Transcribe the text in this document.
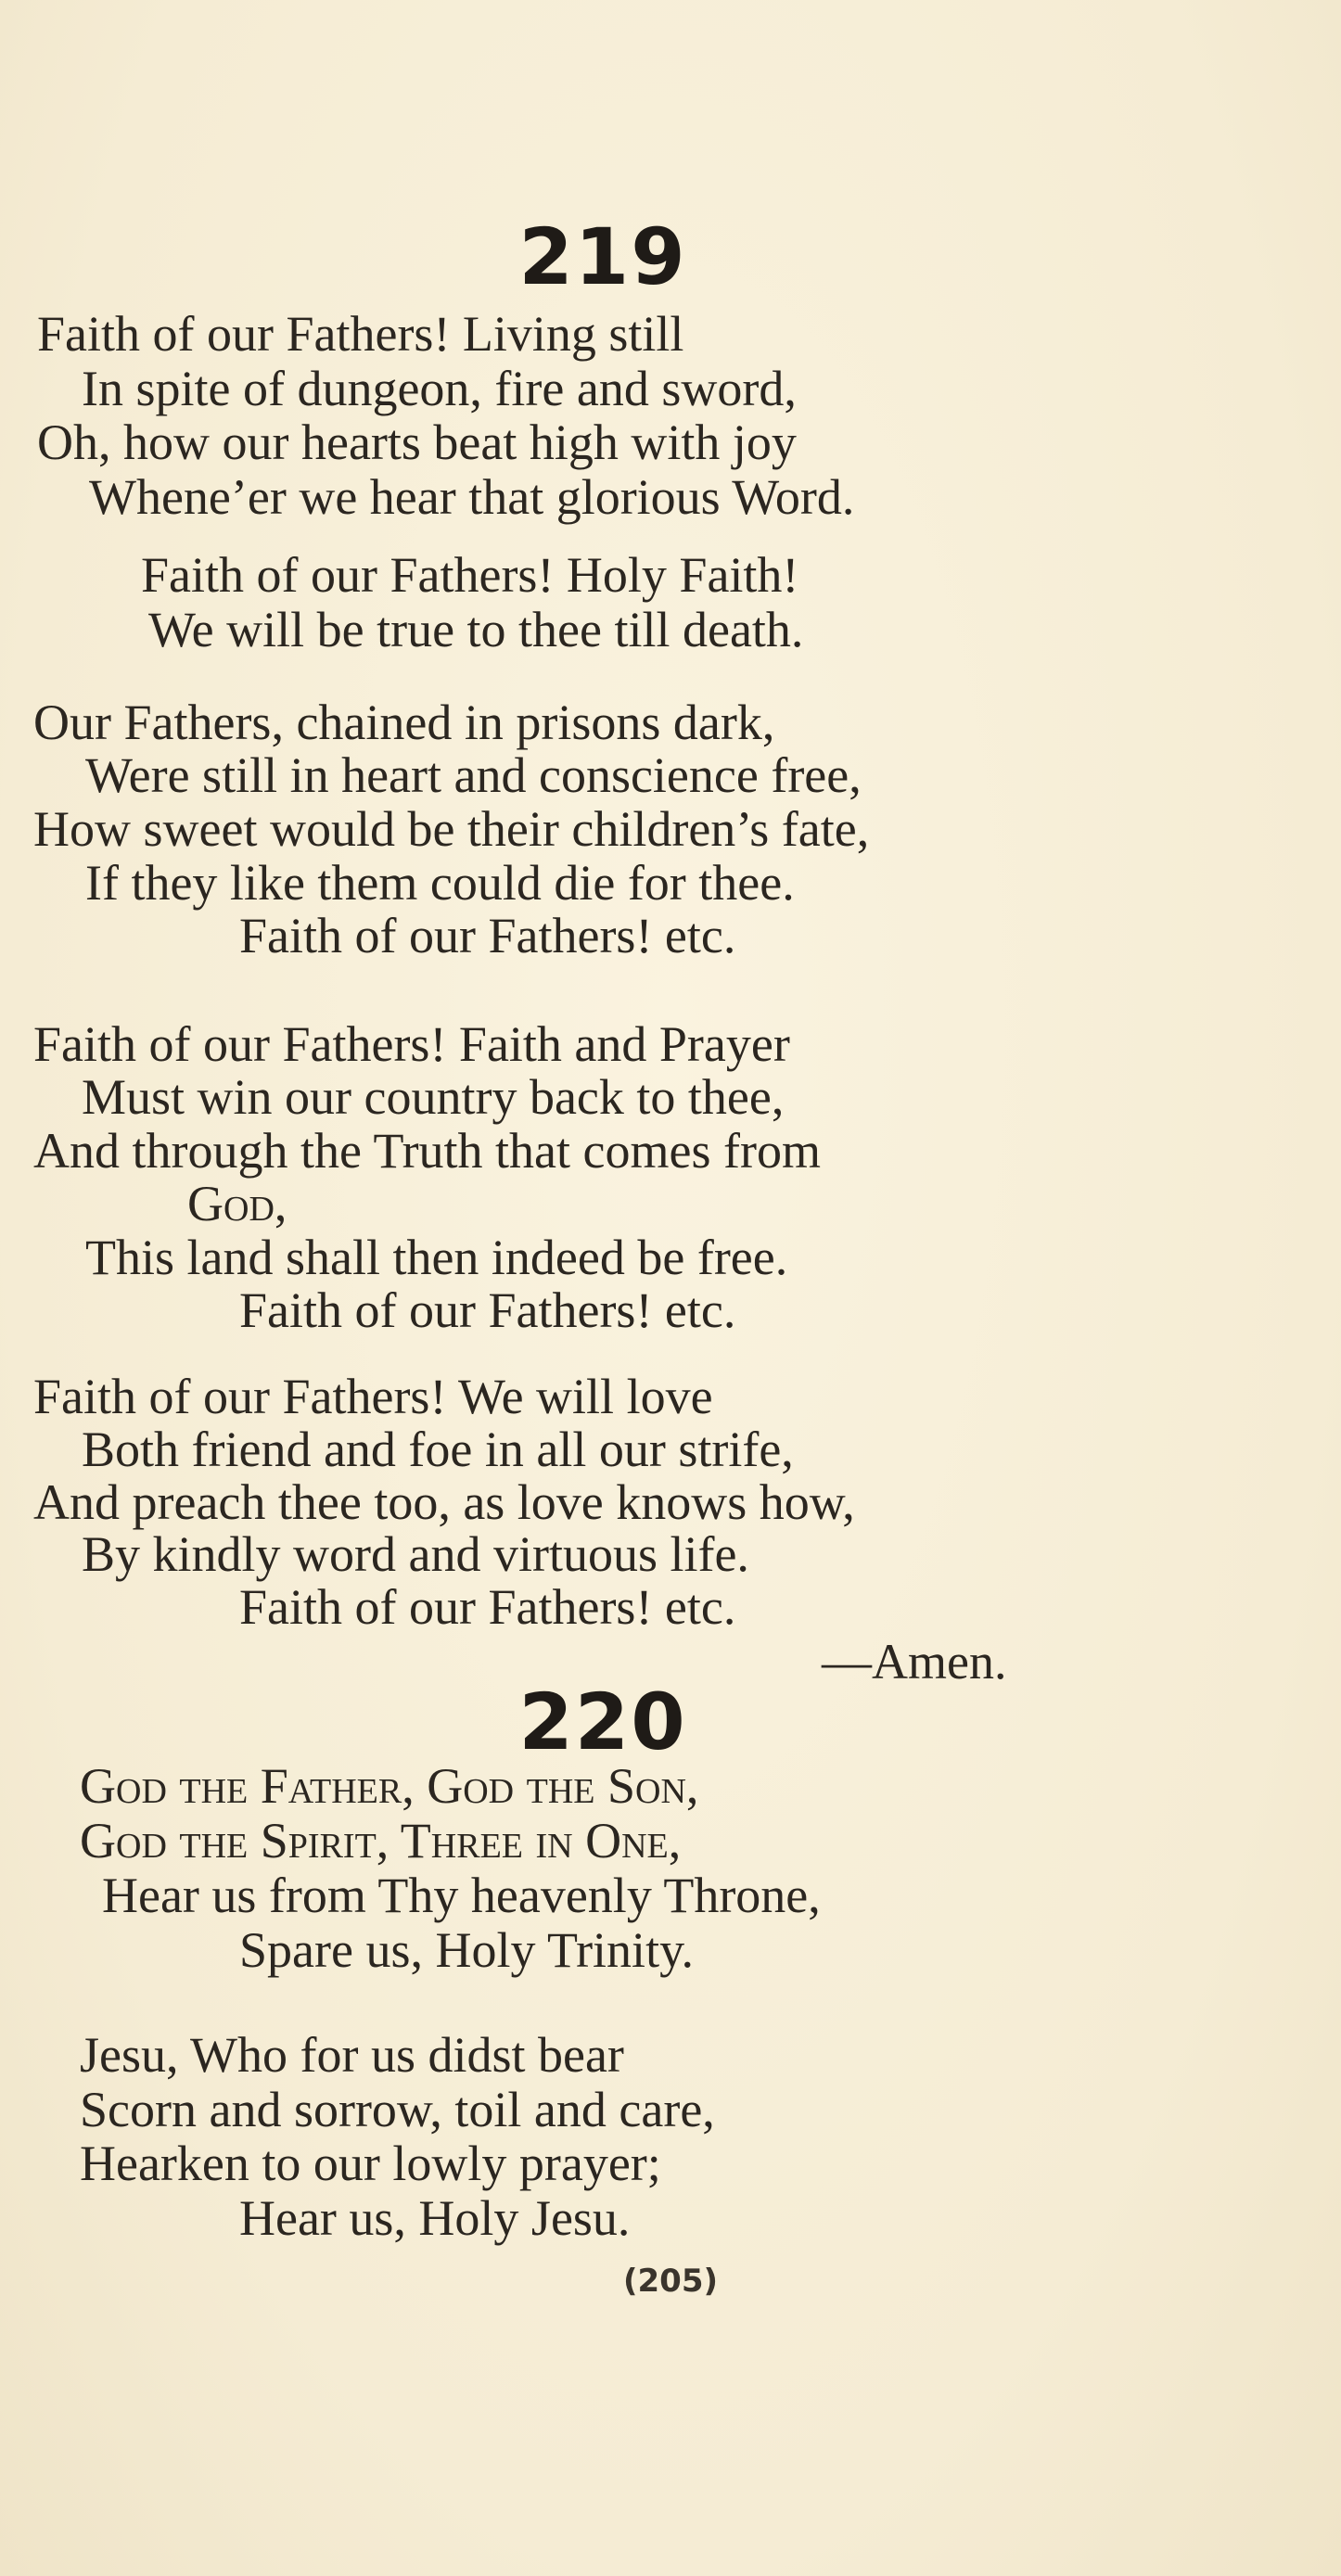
219
Faith of our Fathers! Living still
In spite of dungeon, fire and sword,
Oh, how our hearts beat high with joy
Whene’er we hear that glorious Word.
Faith of our Fathers! Holy Faith!
We will be true to thee till death.
Our Fathers, chained in prisons dark,
Were still in heart and conscience free,
How sweet would be their children’s fate,
If they like them could die for thee.
Faith of our Fathers! etc.
Faith of our Fathers! Faith and Prayer
Must win our country back to thee,
And through the Truth that comes from
God,
This land shall then indeed be free.
Faith of our Fathers! etc.
Faith of our Fathers! We will love
Both friend and foe in all our strife,
And preach thee too, as love knows how,
By kindly word and virtuous life.
Faith of our Fathers! etc.
—Amen.
220
God the Father, God the Son,
God the Spirit, Three in One,
Hear us from Thy heavenly Throne,
Spare us, Holy Trinity.
Jesu, Who for us didst bear
Scorn and sorrow, toil and care,
Hearken to our lowly prayer;
Hear us, Holy Jesu.
(205)
